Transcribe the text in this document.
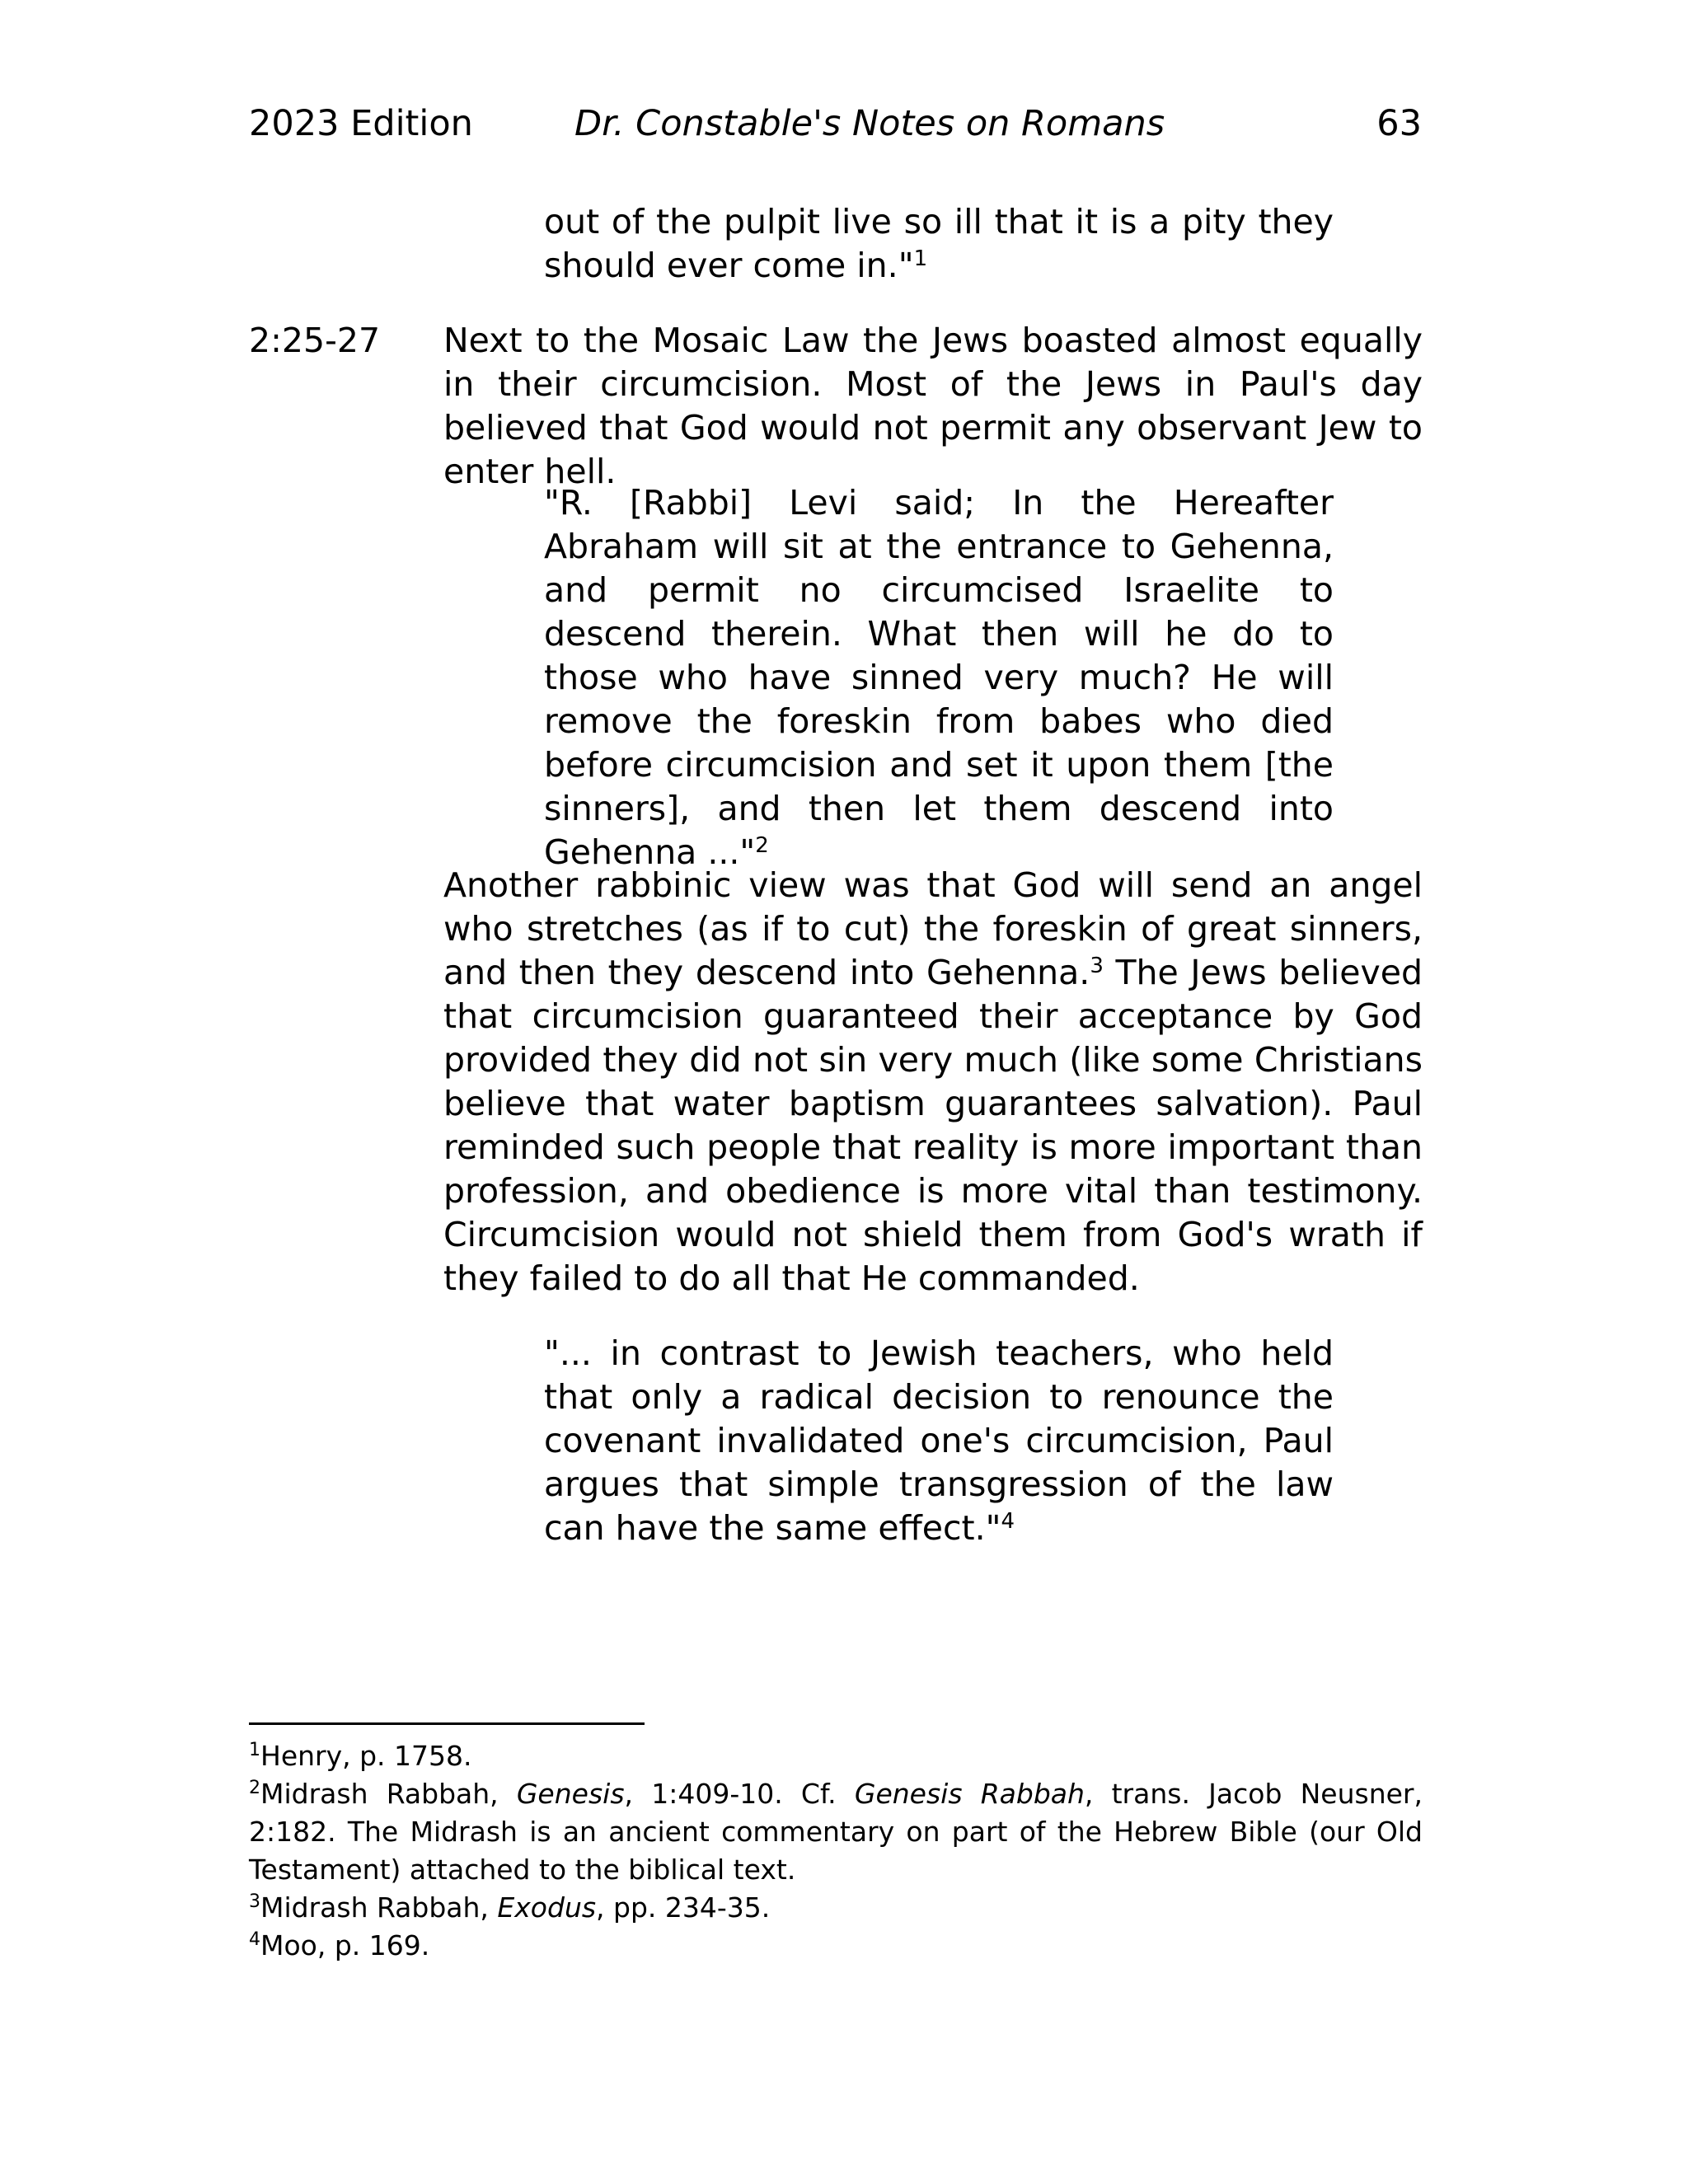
2023 Edition	Dr. Constable's Notes on Romans	63
out of the pulpit live so ill that it is a pity they should ever come in."$^1$
2:25-27 Next to the Mosaic Law the Jews boasted almost equally in their circumcision. Most of the Jews in Paul's day believed that God would not permit any observant Jew to enter hell.
"R. [Rabbi] Levi said; In the Hereafter Abraham will sit at the entrance to Gehenna, and permit no circumcised Israelite to descend therein. What then will he do to those who have sinned very much? He will remove the foreskin from babes who died before circumcision and set it upon them [the sinners], and then let them descend into Gehenna ..."$^2$
Another rabbinic view was that God will send an angel who stretches (as if to cut) the foreskin of great sinners, and then they descend into Gehenna.$^3$ The Jews believed that circumcision guaranteed their acceptance by God provided they did not sin very much (like some Christians believe that water baptism guarantees salvation). Paul reminded such people that reality is more important than profession, and obedience is more vital than testimony. Circumcision would not shield them from God's wrath if they failed to do all that He commanded.
"... in contrast to Jewish teachers, who held that only a radical decision to renounce the covenant invalidated one's circumcision, Paul argues that simple transgression of the law can have the same effect."$^4$

$^1$Henry, p. 1758.

$^2$Midrash Rabbah, Genesis, 1:409-10. Cf. Genesis Rabbah, trans. Jacob Neusner, 2:182. The Midrash is an ancient commentary on part of the Hebrew Bible (our Old Testament) attached to the biblical text.

$^3$Midrash Rabbah, Exodus, pp. 234-35.

$^4$Moo, p. 169.
